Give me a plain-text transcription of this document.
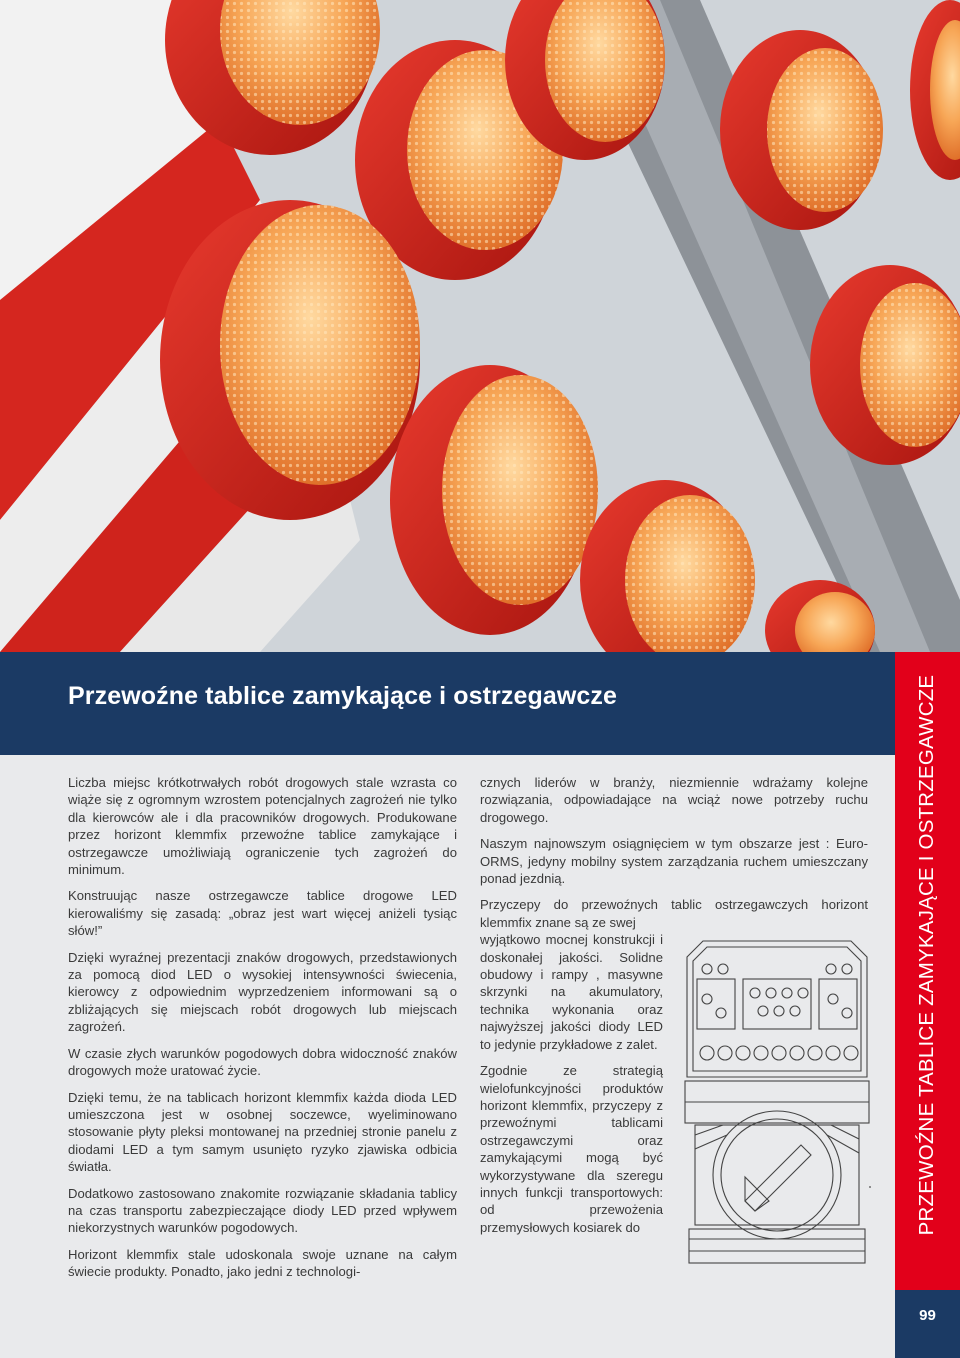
Przewoźne tablice zamykające i ostrzegawcze	PRZEWOŹNE TABLICE ZAMYKAJĄCE I OSTRZEGAWCZE
99

Liczba miejsc krótkotrwałych robót drogowych stale wzrasta co wiąże się z ogromnym wzrostem potencjalnych zagrożeń nie tylko dla kierowców ale i dla pracowników drogowych. Produkowane przez horizont klemmfix przewoźne tablice zamykające i ostrzegawcze umożliwiają ograniczenie tych zagrożeń do minimum.

Konstruując nasze ostrzegawcze tablice drogowe LED kierowaliśmy się zasadą: „obraz jest wart więcej aniżeli tysiąc słów!”

Dzięki wyraźnej prezentacji znaków drogowych, przedstawionych za pomocą diod LED o wysokiej intensywności świecenia, kierowcy z odpowiednim wyprzedzeniem informowani są o zbliżających się miejscach robót drogowych lub miejscach zagrożeń.

W czasie złych warunków pogodowych dobra widoczność znaków drogowych może uratować życie.

Dzięki temu, że na tablicach horizont klemmfix każda dioda LED umieszczona jest w osobnej soczewce, wyeliminowano stosowanie płyty pleksi montowanej na przedniej stronie panelu z diodami LED a tym samym usunięto ryzyko zjawiska odbicia światła.

Dodatkowo zastosowano znakomite rozwiązanie składania tablicy na czas transportu zabezpieczające diody LED przed wpływem niekorzystnych warunków pogodowych.

Horizont klemmfix stale udoskonala swoje uznane na całym świecie produkty. Ponadto, jako jedni z technologi-

cznych liderów w branży, niezmiennie wdrażamy kolejne rozwiązania, odpowiadające na wciąż nowe potrzeby ruchu drogowego.

Naszym najnowszym osiągnięciem w tym obszarze jest : Euro-ORMS, jedyny mobilny system zarządzania ruchem umieszczany ponad jezdnią.

Przyczepy do przewoźnych tablic ostrzegawczych horizont klemmfix znane są ze swej

wyjątkowo mocnej konstrukcji i doskonałej jakości. Solidne obudowy i rampy , masywne skrzynki na akumulatory, technika wykonania oraz najwyższej jakości diody LED to jedynie przykładowe z zalet.

Zgodnie ze strategią wielofunkcyjności produktów horizont klemmfix, przyczepy z przewoźnymi tablicami ostrzegawczymi oraz zamykającymi mogą być wykorzystywane dla szeregu innych funkcji transportowych: od przewożenia przemysłowych kosiarek do
